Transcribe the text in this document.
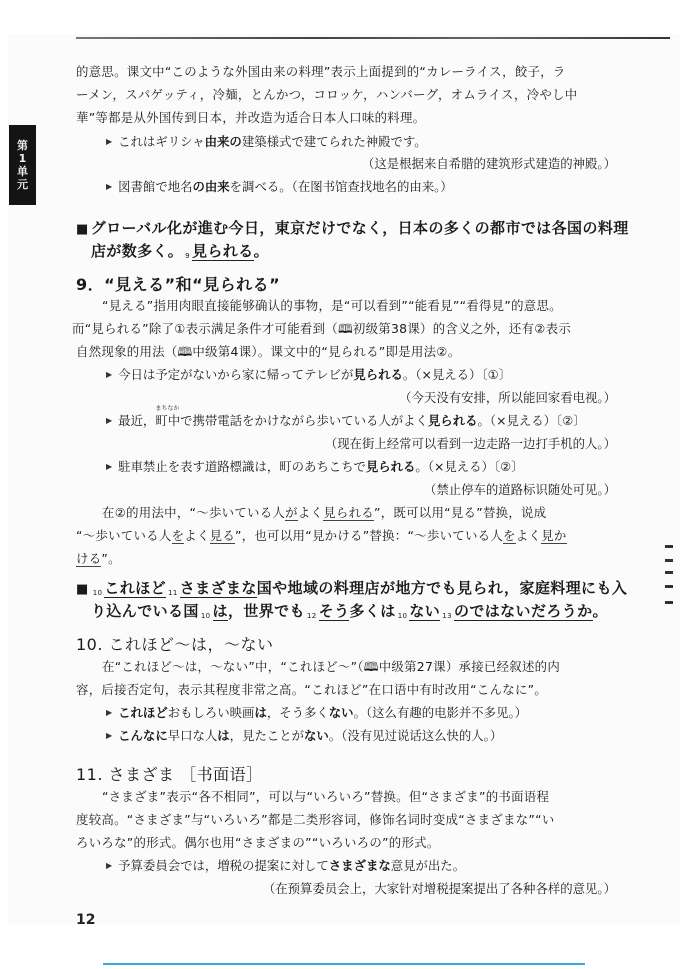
第
1
单
元
的意思。课文中“このような外国由来の料理”表示上面提到的“カレーライス，餃子，ラ
ーメン，スパゲッティ，冷麺，とんかつ，コロッケ，ハンバーグ，オムライス，冷やし中
華”等都是从外国传到日本，并改造为适合日本人口味的料理。
▶ これはギリシャ由来の建築様式で建てられた神殿です。
（这是根据来自希腊的建筑形式建造的神殿。）
▶ 図書館で地名の由来を調べる。（在图书馆查找地名的由来。）
■ グローバル化が進む今日，東京だけでなく，日本の多くの都市では各国の料理
店が数多く。 $_9$ 見られる。
9．“見える”和“見られる”
“見える”指用肉眼直接能够确认的事物，是“可以看到”“能看見”“看得見”的意思。
而“見られる”除了①表示满足条件才可能看到（🕮初级第38课）的含义之外，还有②表示
自然现象的用法（🕮中级第4课）。课文中的“見られる”即是用法②。
▶ 今日は予定がないから家に帰ってテレビが見られる。（×見える）〔①〕
（今天没有安排，所以能回家看电视。）
▶ 最近，
まちなか
町中で携帯電話をかけながら歩いている人がよく見られる。（×見える）〔②〕
（现在街上经常可以看到一边走路一边打手机的人。）
▶ 駐車禁止を表す道路標識は，町のあちこちで見られる。（×見える）〔②〕
（禁止停车的道路标识随处可见。）
在②的用法中，“～歩いている人がよく見られる”，既可以用“見る”替换，说成
“～歩いている人をよく見る”，也可以用“見かける”替换：“～歩いている人をよく見か
ける”。
■ $_{10}$ これほど $_{11}$ さまざまな国や地域の料理店が地方でも見られ，家庭料理にも入
り込んでいる国 $_{10}$ は，世界でも $_{12}$ そう多くは $_{10}$ ない $_{13}$ のではないだろうか。
10. これほど～は，～ない
在“これほど～は，～ない”中，“これほど～”（🕮中级第27课）承接已经叙述的内
容，后接否定句，表示其程度非常之高。“これほど”在口语中有时改用“こんなに”。
▶ これほどおもしろい映画は，そう多くない。（这么有趣的电影并不多见。）
▶ こんなに早口な人は，見たことがない。（没有见过说话这么快的人。）
11. さまざま ［书面语］
“さまざま”表示“各不相同”，可以与“いろいろ”替换。但“さまざま”的书面语程
度较高。“さまざま”与“いろいろ”都是二类形容词，修饰名词时变成“さまざまな”“い
ろいろな”的形式。偶尔也用“さまざまの”“いろいろの”的形式。
▶ 予算委員会では，増税の提案に対してさまざまな意見が出た。
（在预算委员会上，大家针对增税提案提出了各种各样的意见。）
12
